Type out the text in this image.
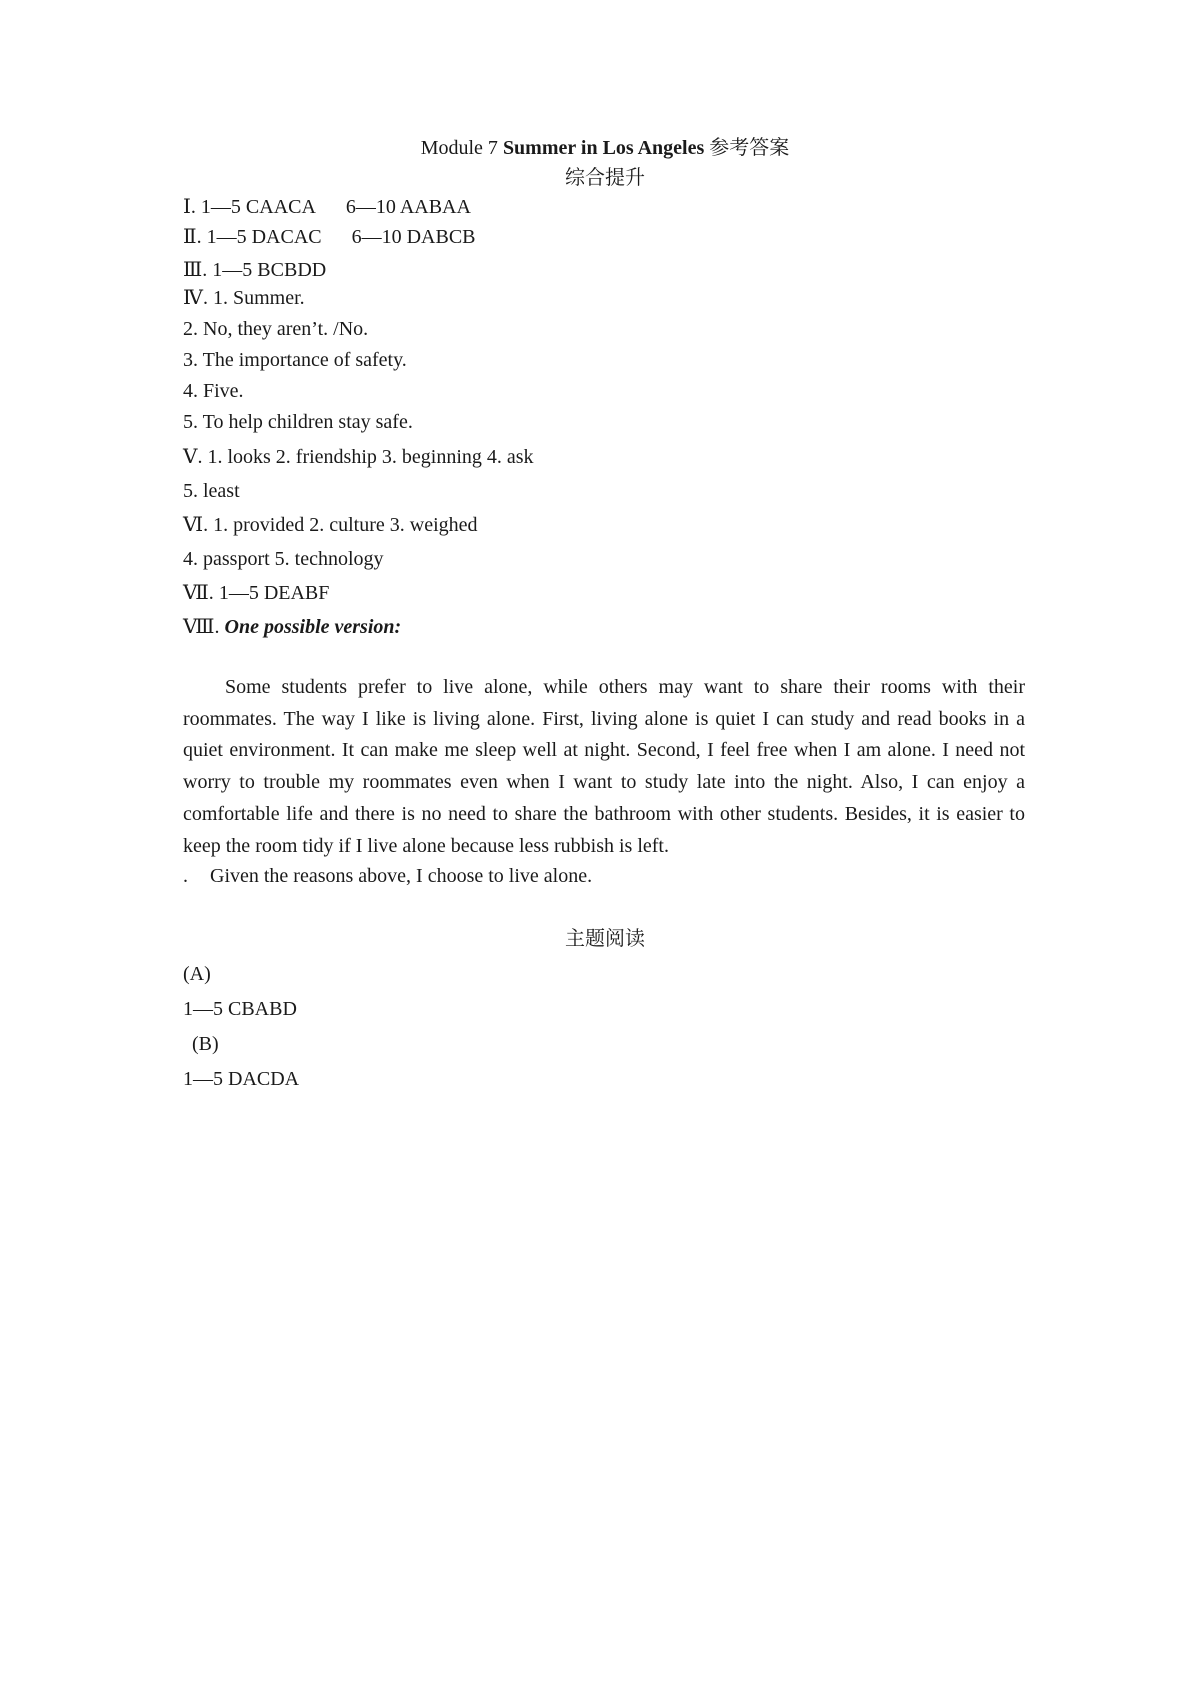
Module 7 Summer in Los Angeles 参考答案
综合提升
Ⅰ. 1—5 CAACA 6—10 AABAA
Ⅱ. 1—5 DACAC 6—10 DABCB
Ⅲ. 1—5 BCBDD
Ⅳ. 1. Summer.
2. No, they aren’t. /No.
3. The importance of safety.
4. Five.
5. To help children stay safe.
Ⅴ. 1. looks 2. friendship 3. beginning 4. ask
5. least
Ⅵ. 1. provided 2. culture 3. weighed
4. passport 5. technology
Ⅶ. 1—5 DEABF
Ⅷ. One possible version:
Some students prefer to live alone, while others may want to share their rooms with their roommates. The way I like is living alone. First, living alone is quiet I can study and read books in a quiet environment. It can make me sleep well at night. Second, I feel free when I am alone. I need not worry to trouble my roommates even when I want to study late into the night. Also, I can enjoy a comfortable life and there is no need to share the bathroom with other students. Besides, it is easier to keep the room tidy if I live alone because less rubbish is left.
. Given the reasons above, I choose to live alone.
主题阅读
(A)
1—5 CBABD
(B)
1—5 DACDA
